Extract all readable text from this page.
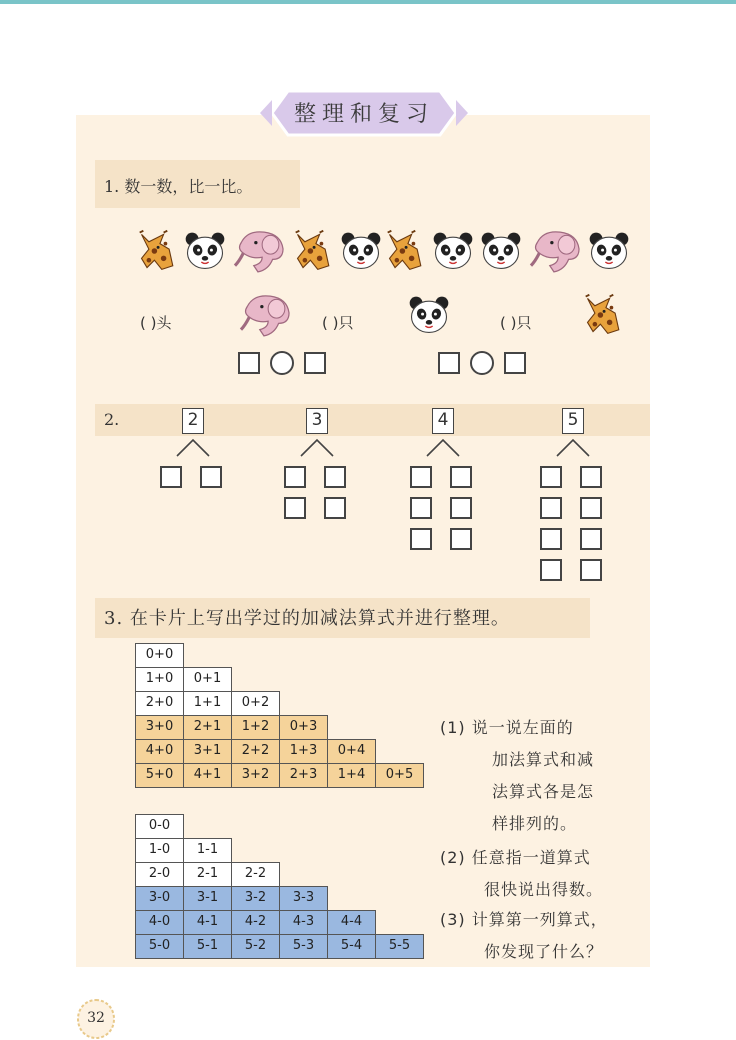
整理和复习
1. 数一数，比一比。
( )头	( )只	( )只
2.	2	3	4	5
3. 在卡片上写出学过的加减法算式并进行整理。
0+0
1+0	0+1
2+0	1+1	0+2
3+0	2+1	1+2	0+3
4+0	3+1	2+2	1+3	0+4
5+0	4+1	3+2	2+3	1+4	0+5
0-0
1-0	1-1
2-0	2-1	2-2
3-0	3-1	3-2	3-3
4-0	4-1	4-2	4-3	4-4
5-0	5-1	5-2	5-3	5-4	5-5
(1) 说一说左面的
加法算式和减
法算式各是怎
样排列的。
(2) 任意指一道算式
很快说出得数。
(3) 计算第一列算式，
你发现了什么？
32
